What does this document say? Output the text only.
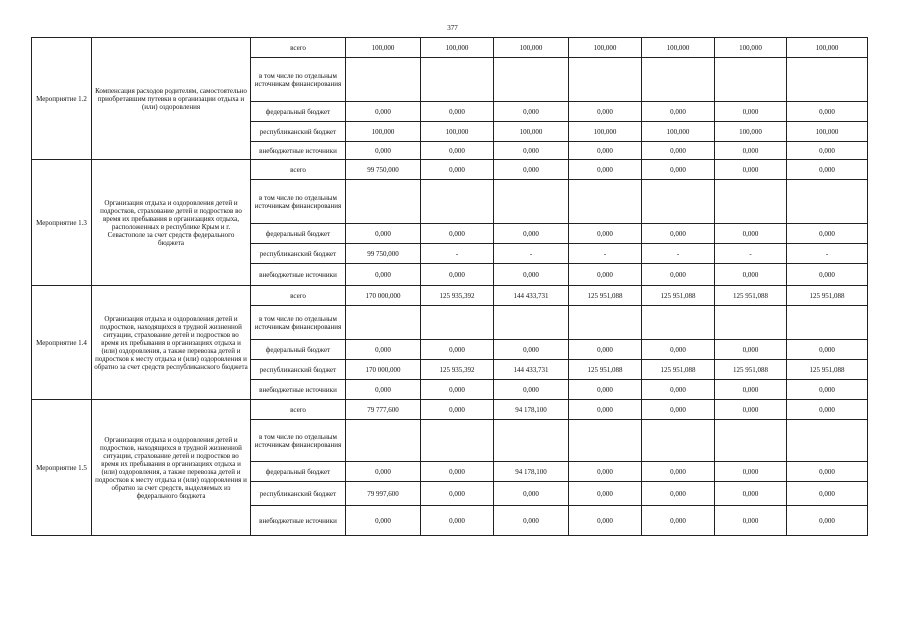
377
Мероприятие 1.2	Компенсация расходов родителям, самостоятельно приобретавшим путевки в организации отдыха и (или) оздоровления	всего	100,000	100,000	100,000	100,000	100,000	100,000	100,000
		в том числе по отдельным источникам финансирования							
		федеральный бюджет	0,000	0,000	0,000	0,000	0,000	0,000	0,000
		республиканский бюджет	100,000	100,000	100,000	100,000	100,000	100,000	100,000
		внебюджетные источники	0,000	0,000	0,000	0,000	0,000	0,000	0,000
Мероприятие 1.3	Организация отдыха и оздоровления детей и подростков, страхование детей и подростков во время их пребывания в организациях отдыха, расположенных в республике Крым и г. Севастополе за счет средств федерального бюджета	всего	99 750,000	0,000	0,000	0,000	0,000	0,000	0,000
		в том числе по отдельным источникам финансирования							
		федеральный бюджет	0,000	0,000	0,000	0,000	0,000	0,000	0,000
		республиканский бюджет	99 750,000	-	-	-	-	-	-
		внебюджетные источники	0,000	0,000	0,000	0,000	0,000	0,000	0,000
Мероприятие 1.4	Организация отдыха и оздоровления детей и подростков, находящихся в трудной жизненной ситуации, страхование детей и подростков во время их пребывания в организациях отдыха и (или) оздоровления, а также перевозка детей и подростков к месту отдыха и (или) оздоровления и обратно за счет средств республиканского бюджета	всего	170 000,000	125 935,392	144 433,731	125 951,088	125 951,088	125 951,088	125 951,088
		в том числе по отдельным источникам финансирования							
		федеральный бюджет	0,000	0,000	0,000	0,000	0,000	0,000	0,000
		республиканский бюджет	170 000,000	125 935,392	144 433,731	125 951,088	125 951,088	125 951,088	125 951,088
		внебюджетные источники	0,000	0,000	0,000	0,000	0,000	0,000	0,000
Мероприятие 1.5	Организация отдыха и оздоровления детей и подростков, находящихся в трудной жизненной ситуации, страхование детей и подростков во время их пребывания в организациях отдыха и (или) оздоровления, а также перевозка детей и подростков к месту отдыха и (или) оздоровления и обратно за счет средств, выделяемых из федерального бюджета	всего	79 777,600	0,000	94 178,100	0,000	0,000	0,000	0,000
		в том числе по отдельным источникам финансирования							
		федеральный бюджет	0,000	0,000	94 178,100	0,000	0,000	0,000	0,000
		республиканский бюджет	79 997,600	0,000	0,000	0,000	0,000	0,000	0,000
		внебюджетные источники	0,000	0,000	0,000	0,000	0,000	0,000	0,000
